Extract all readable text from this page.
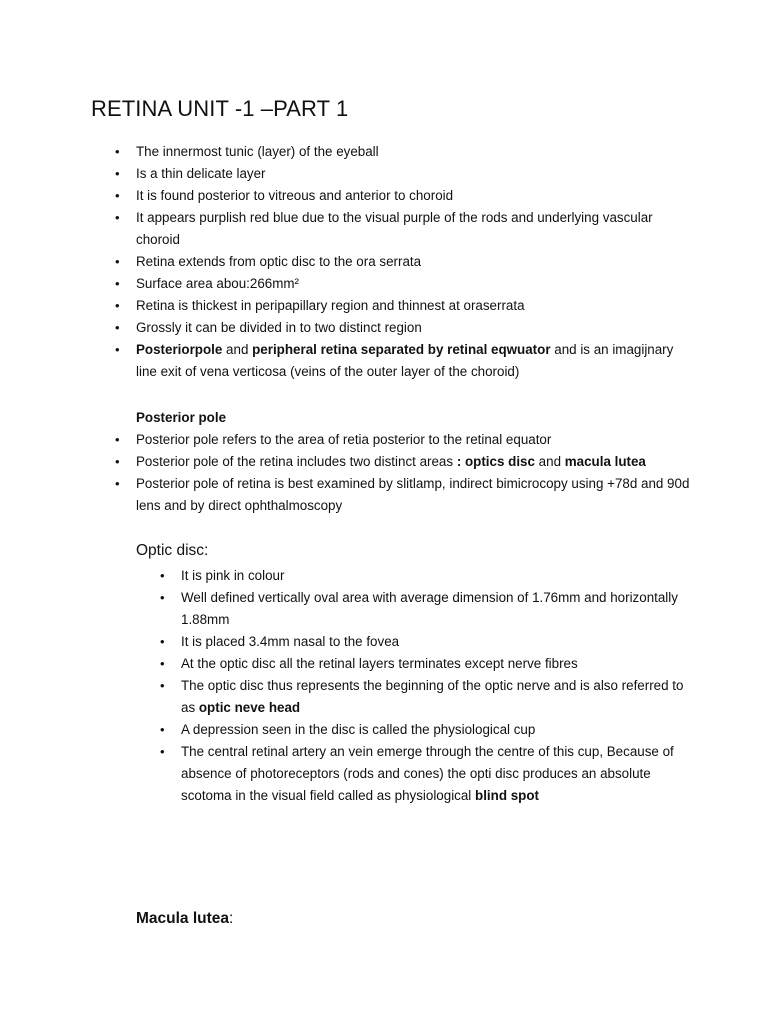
RETINA UNIT -1 –PART 1
• The innermost tunic (layer) of the eyeball
• Is a thin delicate layer
• It is found posterior to vitreous and anterior to choroid
• It appears purplish red blue due to the visual purple of the rods and underlying vascular choroid
• Retina extends from optic disc to the ora serrata
• Surface area abou:266mm²
• Retina is thickest in peripapillary region and thinnest at oraserrata
• Grossly it can be divided in to two distinct region
• Posteriorpole and peripheral retina separated by retinal eqwuator and is an imagijnary line exit of vena verticosa (veins of the outer layer of the choroid)
Posterior pole
• Posterior pole refers to the area of retia posterior to the retinal equator
• Posterior pole of the retina includes two distinct areas : optics disc and macula lutea
• Posterior pole of retina is best examined by slitlamp, indirect bimicrocopy using +78d and 90d lens and by direct ophthalmoscopy
Optic disc:
• It is pink in colour
• Well defined vertically oval area with average dimension of 1.76mm and horizontally 1.88mm
• It is placed 3.4mm nasal to the fovea
• At the optic disc all the retinal layers terminates except nerve fibres
• The optic disc thus represents the beginning of the optic nerve and is also referred to as optic neve head
• A depression seen in the disc is called the physiological cup
• The central retinal artery an vein emerge through the centre of this cup, Because of absence of photoreceptors (rods and cones) the opti disc produces an absolute scotoma in the visual field called as physiological blind spot
Macula lutea:
